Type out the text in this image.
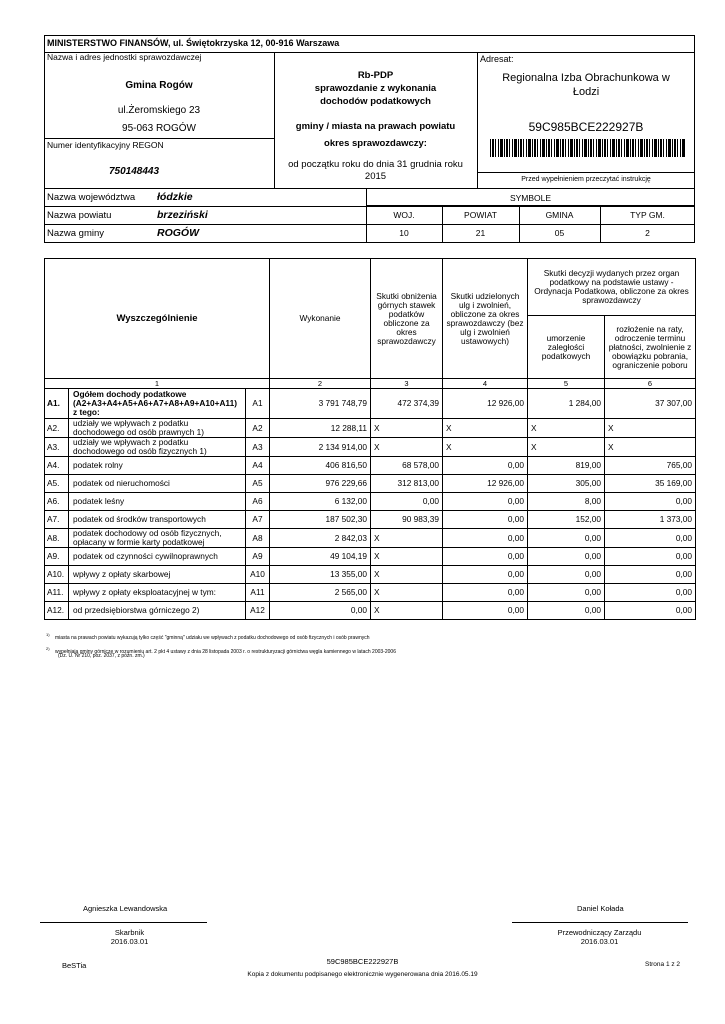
MINISTERSTWO FINANSÓW, ul. Świętokrzyska 12, 00-916 Warszawa
Nazwa i adres jednostki sprawozdawczej
Gmina Rogów
ul.Żeromskiego 23
95-063 ROGÓW
Numer identyfikacyjny REGON
750148443
Rb-PDP
sprawozdanie z wykonania
dochodów podatkowych
gminy / miasta na prawach powiatu
okres sprawozdawczy:
od początku roku do dnia 31 grudnia roku
2015
Adresat:
Regionalna Izba Obrachunkowa w
Łodzi
59C985BCE222927B
Przed wypełnieniem przeczytać instrukcję
Nazwa województwa łódzkie
Nazwa powiatu	brzeziński
Nazwa gminy	ROGÓW
SYMBOLE
WOJ.	POWIAT	GMINA	TYP GM.
10	21	05	2
Wyszczególnienie			Wykonanie	Skutki obniżenia górnych stawek podatków obliczone za okres sprawozdawczy	Skutki udzielonych ulg i zwolnień, obliczone za okres sprawozdawczy (bez ulg i zwolnień ustawowych)	Skutki decyzji wydanych przez organ podatkowy na podstawie ustawy - Ordynacja Podatkowa, obliczone za okres sprawozdawczy	
						umorzenie zaległości podatkowych	rozłożenie na raty, odroczenie terminu płatności, zwolnienie z obowiązku pobrania, ograniczenie poboru
1			2	3	4	5	6
A1.	Ogółem dochody podatkowe (A2+A3+A4+A5+A6+A7+A8+A9+A10+A11) z tego:	A1	3 791 748,79	472 374,39	12 926,00	1 284,00	37 307,00
A2.	udziały we wpływach z podatku dochodowego od osób prawnych 1)	A2	12 288,11	X	X	X	X
A3.	udziały we wpływach z podatku dochodowego od osób fizycznych 1)	A3	2 134 914,00	X	X	X	X
A4.	podatek rolny	A4	406 816,50	68 578,00	0,00	819,00	765,00
A5.	podatek od nieruchomości	A5	976 229,66	312 813,00	12 926,00	305,00	35 169,00
A6.	podatek leśny	A6	6 132,00	0,00	0,00	8,00	0,00
A7.	podatek od środków transportowych	A7	187 502,30	90 983,39	0,00	152,00	1 373,00
A8.	podatek dochodowy od osób fizycznych, opłacany w formie karty podatkowej	A8	2 842,03	X	0,00	0,00	0,00
A9.	podatek od czynności cywilnoprawnych	A9	49 104,19	X	0,00	0,00	0,00
A10.	wpływy z opłaty skarbowej	A10	13 355,00	X	0,00	0,00	0,00
A11.	wpływy z opłaty eksploatacyjnej w tym:	A11	2 565,00	X	0,00	0,00	0,00
A12.	od przedsiębiorstwa górniczego 2)	A12	0,00	X	0,00	0,00	0,00
$^{1)}$ miasta na prawach powiatu wykazują tylko część "gminną" udziału we wpływach z podatku dochodowego od osób fizycznych i osób prawnych
$^{2)}$ wypełniają gminy górnicze w rozumieniu art. 2 pkt 4 ustawy z dnia 28 listopada 2003 r. o restrukturyzacji górnictwa węgla kamiennego w latach 2003-2006
(Dz. U. Nr 210, poz. 2037, z późn. zm.)
Agnieszka Lewandowska
Skarbnik
2016.03.01
Daniel Kołada
Przewodniczący Zarządu
2016.03.01
BeSTia	59C985BCE222927B	Strona 1 z 2
Kopia z dokumentu podpisanego elektronicznie wygenerowana dnia 2016.05.19
